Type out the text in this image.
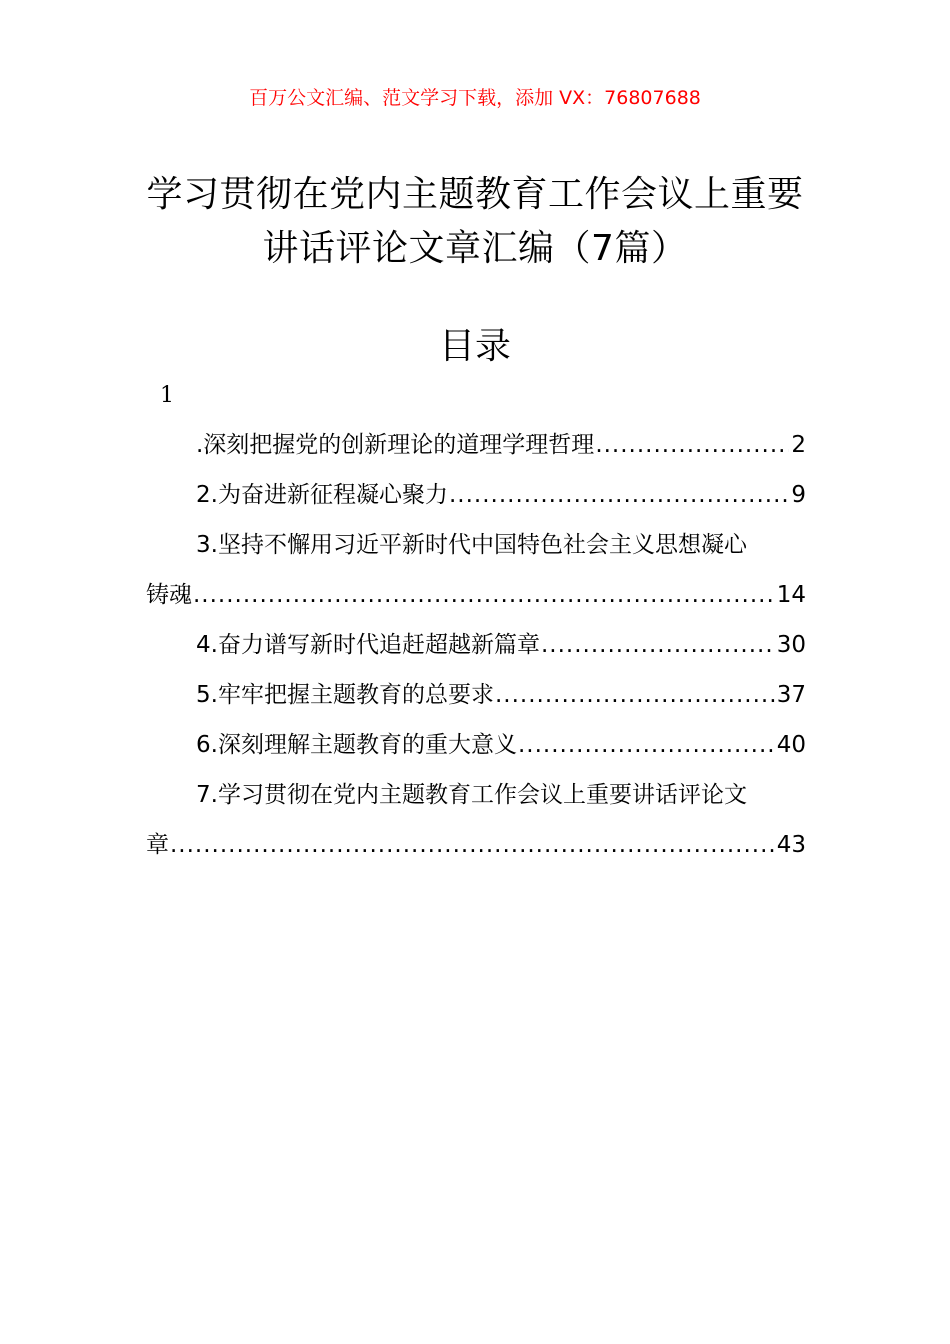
百万公文汇编、范文学习下载，添加 VX：76807688
学习贯彻在党内主题教育工作会议上重要
讲话评论文章汇编（7篇）
目录
1
.深刻把握党的创新理论的道理学理哲理 .....	2
2.为奋进新征程凝心聚力 .....	9
3.坚持不懈用习近平新时代中国特色社会主义思想凝心
铸魂 .....	14
4.奋力谱写新时代追赶超越新篇章 .....	30
5.牢牢把握主题教育的总要求 .....	37
6.深刻理解主题教育的重大意义 .....	40
7.学习贯彻在党内主题教育工作会议上重要讲话评论文
章 .....	43
